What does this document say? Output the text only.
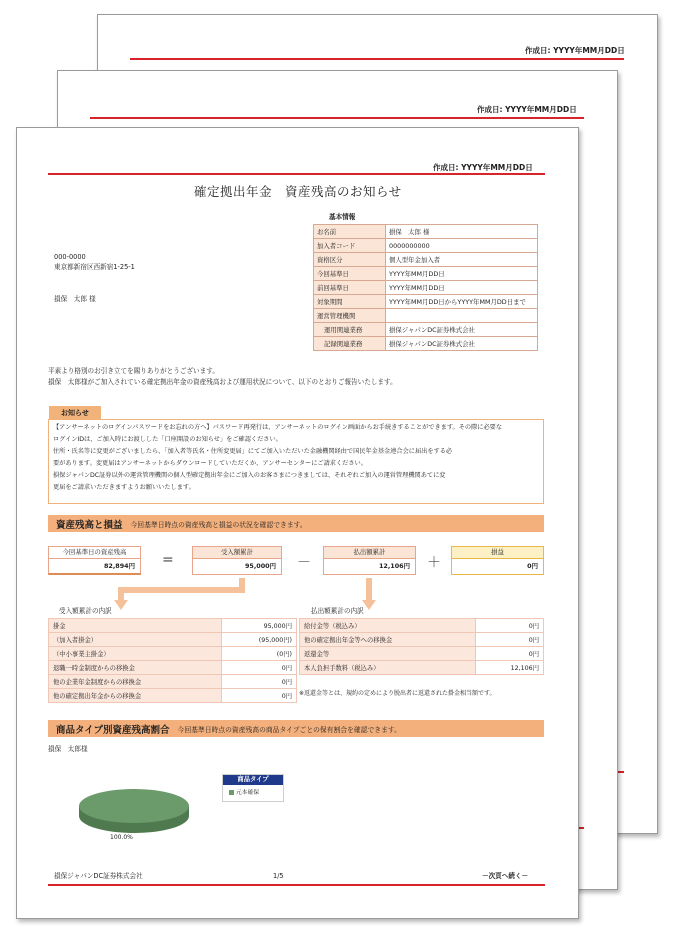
作成日: YYYY年MM月DD日
作成日: YYYY年MM月DD日
作成日: YYYY年MM月DD日
確定拠出年金　資産残高のお知らせ
基本情報
お名前	損保　太郎 様
加入者コード	0000000000
資格区分	個人型年金加入者
今回基準日	YYYY年MM月DD日
前回基準日	YYYY年MM月DD日
対象期間	YYYY年MM月DD日からYYYY年MM月DD日まで
運営管理機関	
運用関連業務	損保ジャパンDC証券株式会社
記録関連業務	損保ジャパンDC証券株式会社
000-0000
東京都新宿区西新宿1-25-1
損保　太郎 様
平素より格別のお引き立てを賜りありがとうございます。
損保　太郎様がご加入されている確定拠出年金の資産残高および運用状況について、以下のとおりご報告いたします。
お知らせ
【アンサーネットのログインパスワードをお忘れの方へ】パスワード再発行は、アンサーネットのログイン画面からお手続きすることができます。その際に必要な
ログインIDは、ご加入時にお渡しした「口座開設のお知らせ」をご確認ください。
住所・氏名等に変更がございましたら、「加入者等氏名・住所変更届」にてご加入いただいた金融機関経由で国民年金基金連合会に届出をする必
要があります。変更届はアンサーネットからダウンロードしていただくか、アンサーセンターにご請求ください。
損保ジャパンDC証券以外の運営管理機関の個人型確定拠出年金にご加入のお客さまにつきましては、それぞれご加入の運営管理機関あてに変
更届をご請求いただきますようお願いいたします。
資産残高と損益 今回基準日時点の資産残高と損益の状況を確認できます。
今回基準日の資産残高
82,894円	=	受入額累計
95,000円	－
払出額累計
12,106円	＋
損益
0円
受入額累計の内訳
掛金	95,000円
（加入者掛金）	(95,000円)
（中小事業主掛金）	(0円)
退職一時金制度からの移換金	0円
他の企業年金制度からの移換金	0円
他の確定拠出年金からの移換金	0円
払出額累計の内訳
給付金等（税込み）	0円
他の確定拠出年金等への移換金	0円
返還金等	0円
本人負担手数料（税込み）	12,106円
※返還金等とは、規約の定めにより脱出者に返還された掛金相当額です。
商品タイプ別資産残高割合 今回基準日時点の資産残高の商品タイプごとの保有割合を確認できます。
損保　太郎様
100.0%
商品タイプ
元本確保
損保ジャパンDC証券株式会社	1/5	－次頁へ続く－
